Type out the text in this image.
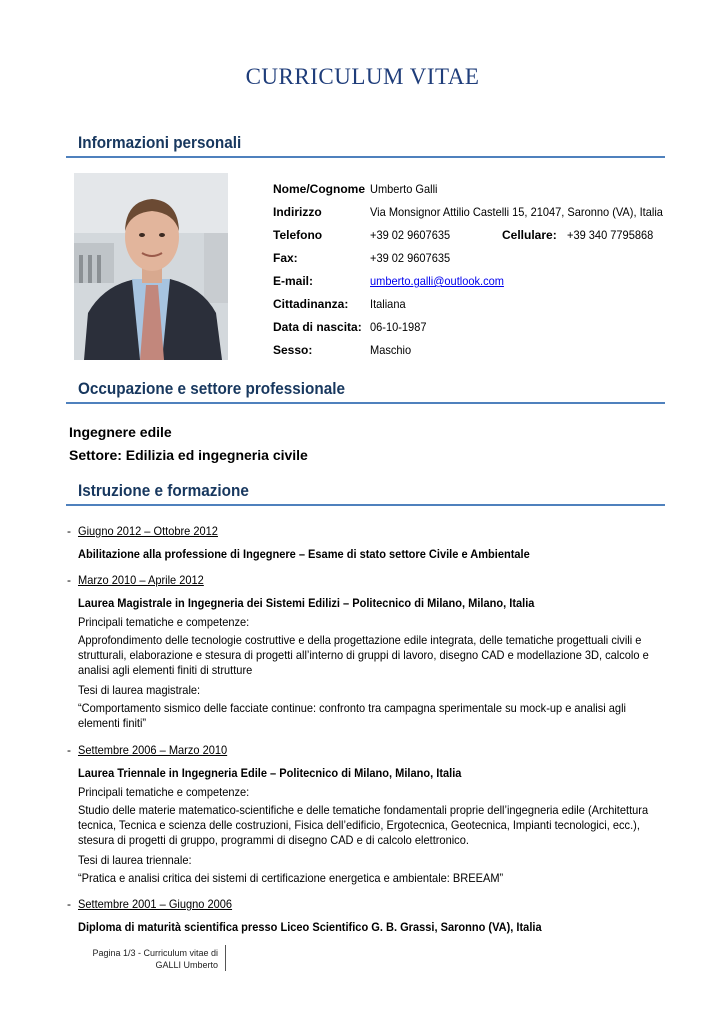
CURRICULUM VITAE
Informazioni personali
Nome/Cognome Umberto Galli
Indirizzo	Via Monsignor Attilio Castelli 15, 21047, Saronno (VA), Italia
Telefono	+39 02 9607635	Cellulare: +39 340 7795868
Fax:	+39 02 9607635
E-mail:	umberto.galli@outlook.com
Cittadinanza: Italiana
Data di nascita: 06-10-1987
Sesso:	Maschio
Occupazione e settore professionale
Ingegnere edile
Settore: Edilizia ed ingegneria civile
Istruzione e formazione
- Giugno 2012 – Ottobre 2012
Abilitazione alla professione di Ingegnere – Esame di stato settore Civile e Ambientale
- Marzo 2010 – Aprile 2012
Laurea Magistrale in Ingegneria dei Sistemi Edilizi – Politecnico di Milano, Milano, Italia
Principali tematiche e competenze:
Approfondimento delle tecnologie costruttive e della progettazione edile integrata, delle tematiche progettuali civili e strutturali, elaborazione e stesura di progetti all’interno di gruppi di lavoro, disegno CAD e modellazione 3D, calcolo e analisi agli elementi finiti di strutture
Tesi di laurea magistrale:
“Comportamento sismico delle facciate continue: confronto tra campagna sperimentale su mock-up e analisi agli elementi finiti”
- Settembre 2006 – Marzo 2010
Laurea Triennale in Ingegneria Edile – Politecnico di Milano, Milano, Italia
Principali tematiche e competenze:
Studio delle materie matematico-scientifiche e delle tematiche fondamentali proprie dell’ingegneria edile (Architettura tecnica, Tecnica e scienza delle costruzioni, Fisica dell’edificio, Ergotecnica, Geotecnica, Impianti tecnologici, ecc.), stesura di progetti di gruppo, programmi di disegno CAD e di calcolo elettronico.
Tesi di laurea triennale:
“Pratica e analisi critica dei sistemi di certificazione energetica e ambientale: BREEAM”
- Settembre 2001 – Giugno 2006
Diploma di maturità scientifica presso Liceo Scientifico G. B. Grassi, Saronno (VA), Italia
Pagina 1/3 - Curriculum vitae di
GALLI Umberto
